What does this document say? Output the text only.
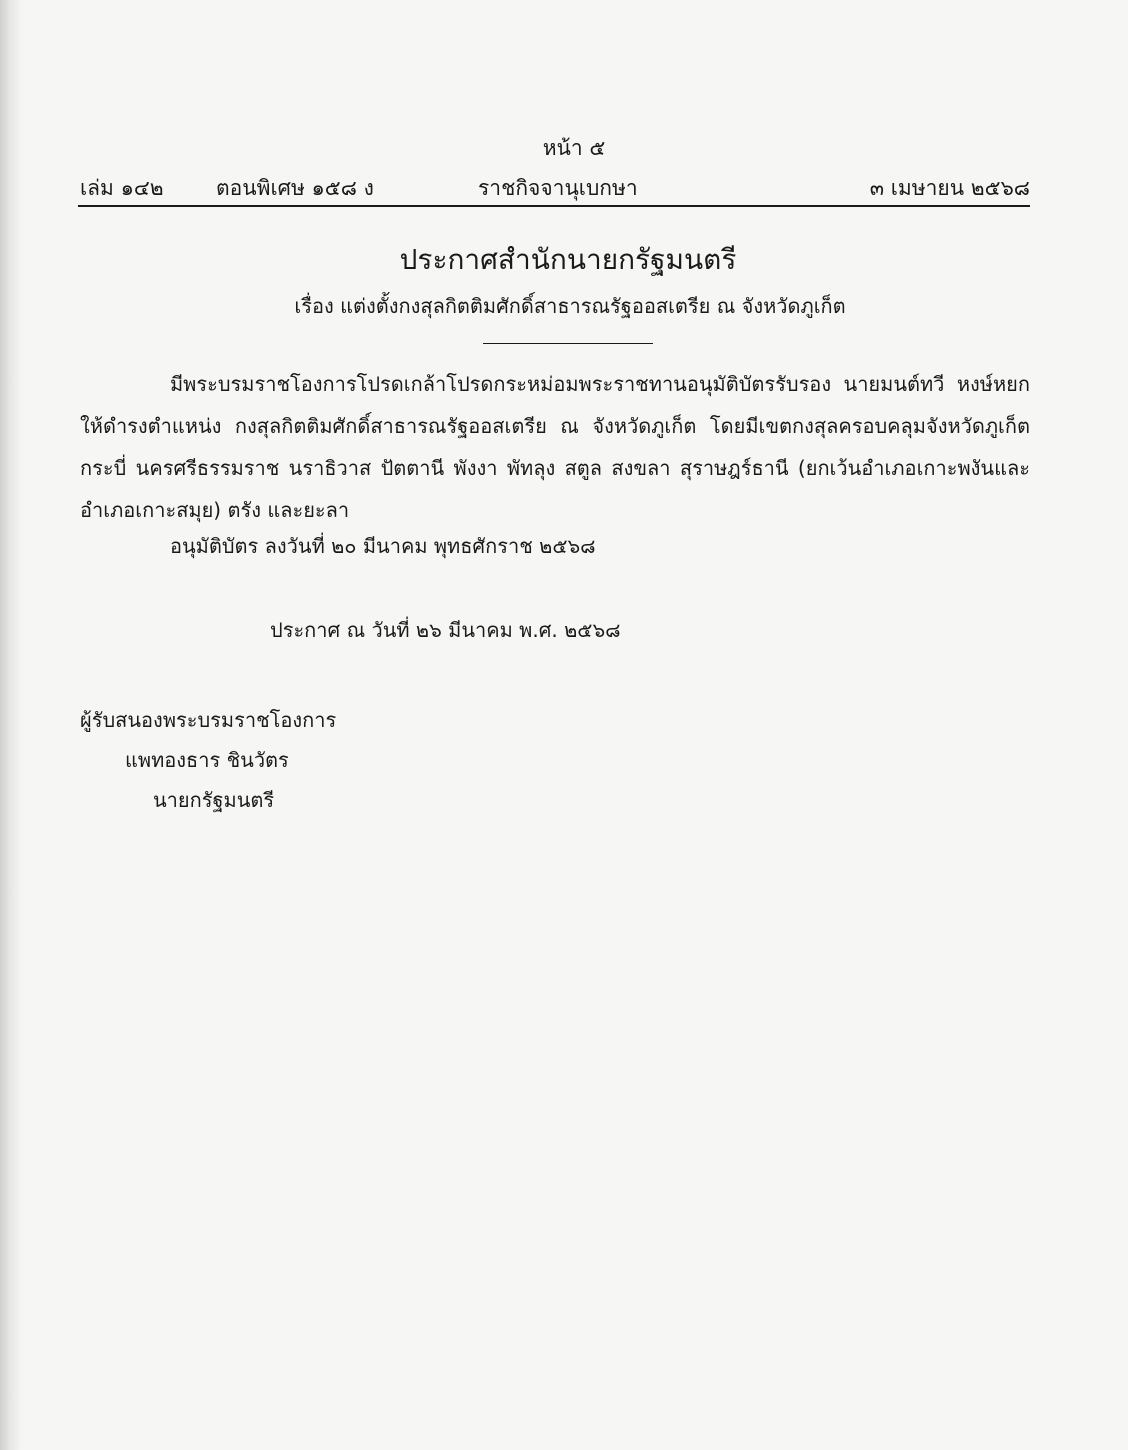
หน้า ๕
เล่ม ๑๔๒ ตอนพิเศษ ๑๕๘ ง	ราชกิจจานุเบกษา	๓ เมษายน ๒๕๖๘
ประกาศสำนักนายกรัฐมนตรี
เรื่อง แต่งตั้งกงสุลกิตติมศักดิ์สาธารณรัฐออสเตรีย ณ จังหวัดภูเก็ต
มีพระบรมราชโองการโปรดเกล้าโปรดกระหม่อมพระราชทานอนุมัติบัตรรับรอง นายมนต์ทวี หงษ์หยก ให้ดำรงตำแหน่ง กงสุลกิตติมศักดิ์สาธารณรัฐออสเตรีย ณ จังหวัดภูเก็ต โดยมีเขตกงสุลครอบคลุมจังหวัดภูเก็ต กระบี่ นครศรีธรรมราช นราธิวาส ปัตตานี พังงา พัทลุง สตูล สงขลา สุราษฎร์ธานี (ยกเว้นอำเภอเกาะพงันและอำเภอเกาะสมุย) ตรัง และยะลา
อนุมัติบัตร ลงวันที่ ๒๐ มีนาคม พุทธศักราช ๒๕๖๘
ประกาศ ณ วันที่ ๒๖ มีนาคม พ.ศ. ๒๕๖๘
ผู้รับสนองพระบรมราชโองการ
แพทองธาร ชินวัตร
นายกรัฐมนตรี
